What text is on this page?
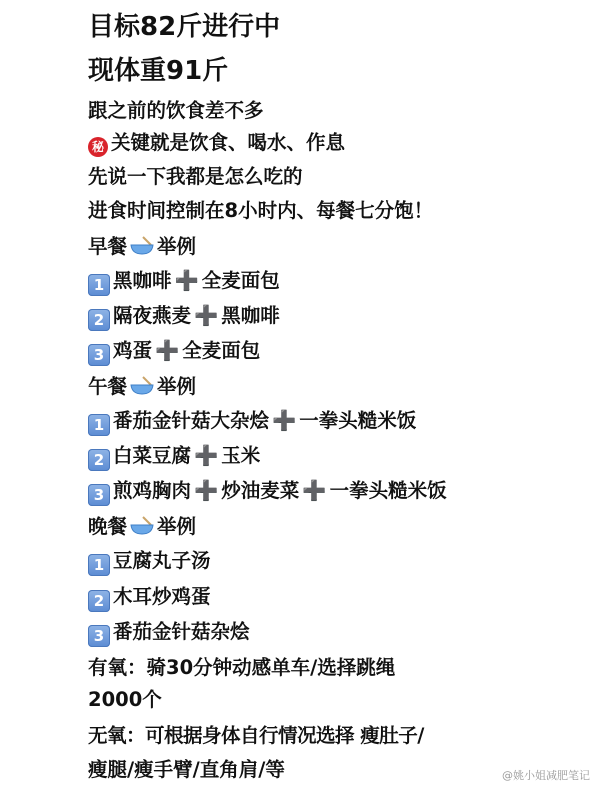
目标82斤进行中
现体重91斤
跟之前的饮食差不多
秘 关键就是饮食、喝水、作息
先说一下我都是怎么吃的
进食时间控制在8小时内、每餐七分饱！
早餐 举例
1 黑咖啡 ➕ 全麦面包
2 隔夜燕麦 ➕ 黑咖啡
3 鸡蛋 ➕ 全麦面包
午餐 举例
1 番茄金针菇大杂烩 ➕ 一拳头糙米饭
2 白菜豆腐 ➕ 玉米
3 煎鸡胸肉 ➕ 炒油麦菜 ➕ 一拳头糙米饭
晚餐 举例
1 豆腐丸子汤
2 木耳炒鸡蛋
3 番茄金针菇杂烩
有氧：骑30分钟动感单车/选择跳绳
2000个
无氧：可根据身体自行情况选择 瘦肚子/
瘦腿/瘦手臂/直角肩/等	@姚小姐减肥笔记
